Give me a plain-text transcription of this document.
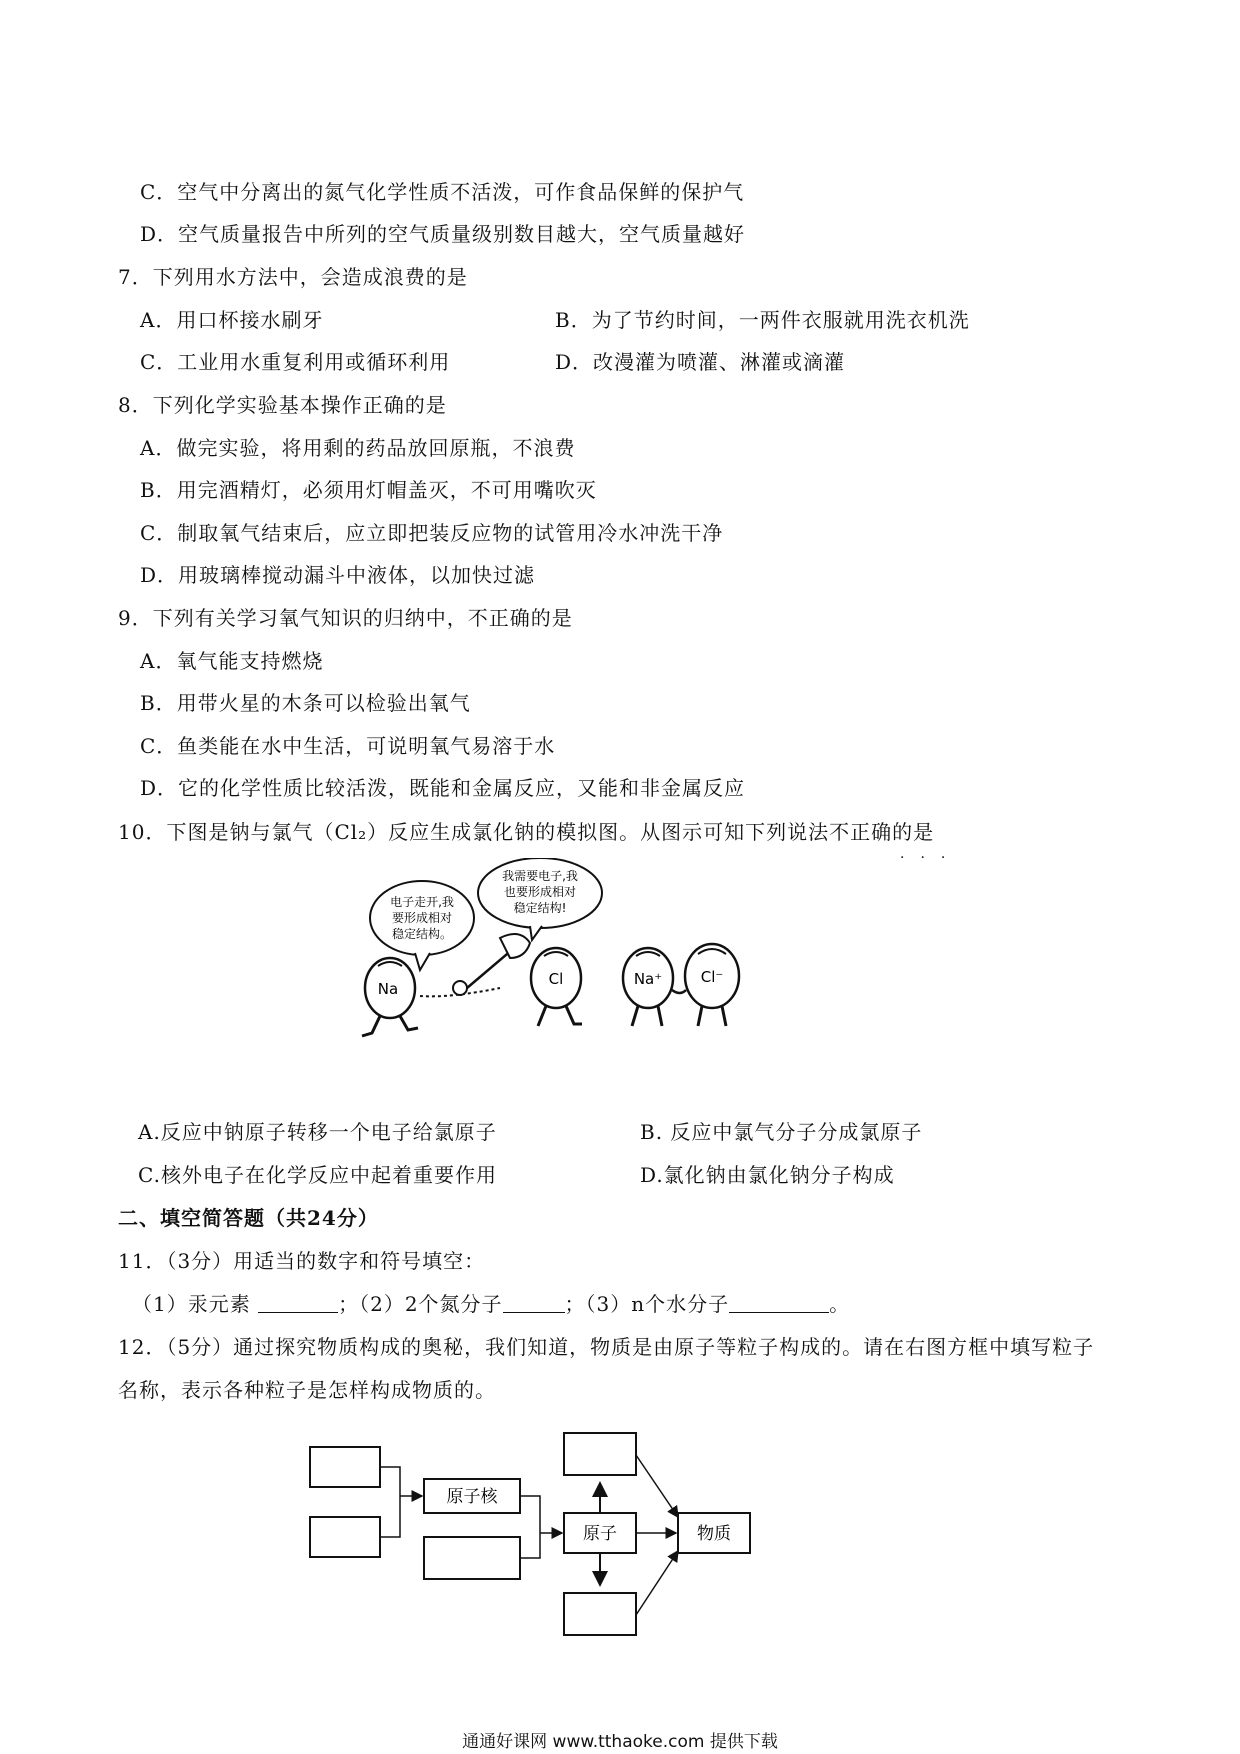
C．空气中分离出的氮气化学性质不活泼，可作食品保鲜的保护气
D．空气质量报告中所列的空气质量级别数目越大，空气质量越好
7．下列用水方法中，会造成浪费的是
A．用口杯接水刷牙	B．为了节约时间，一两件衣服就用洗衣机洗
C．工业用水重复利用或循环利用	D．改漫灌为喷灌、淋灌或滴灌
8．下列化学实验基本操作正确的是
A．做完实验，将用剩的药品放回原瓶，不浪费
B．用完酒精灯，必须用灯帽盖灭，不可用嘴吹灭
C．制取氧气结束后，应立即把装反应物的试管用冷水冲洗干净
D．用玻璃棒搅动漏斗中液体，以加快过滤
9．下列有关学习氧气知识的归纳中，不正确的是
A．氧气能支持燃烧
B．用带火星的木条可以检验出氧气
C．鱼类能在水中生活，可说明氧气易溶于水
D．它的化学性质比较活泼，既能和金属反应，又能和非金属反应
10．下图是钠与氯气（Cl₂）反应生成氯化钠的模拟图。从图示可知下列说法不正确的是
···
电子走开,我
要形成相对
稳定结构。
我需要电子,我
也要形成相对
稳定结构!
Na
Cl	Na⁺	Cl⁻
A.反应中钠原子转移一个电子给氯原子	B. 反应中氯气分子分成氯原子
C.核外电子在化学反应中起着重要作用	D.氯化钠由氯化钠分子构成
二、填空简答题（共24分）
11．（3分）用适当的数字和符号填空：
（1）汞元素	；（2）2个氮分子	；（3）n个水分子	。
12．（5分）通过探究物质构成的奥秘，我们知道，物质是由原子等粒子构成的。请在右图方框中填写粒子
名称，表示各种粒子是怎样构成物质的。
原子核
原子	物质
通通好课网 www.tthaoke.com 提供下载
